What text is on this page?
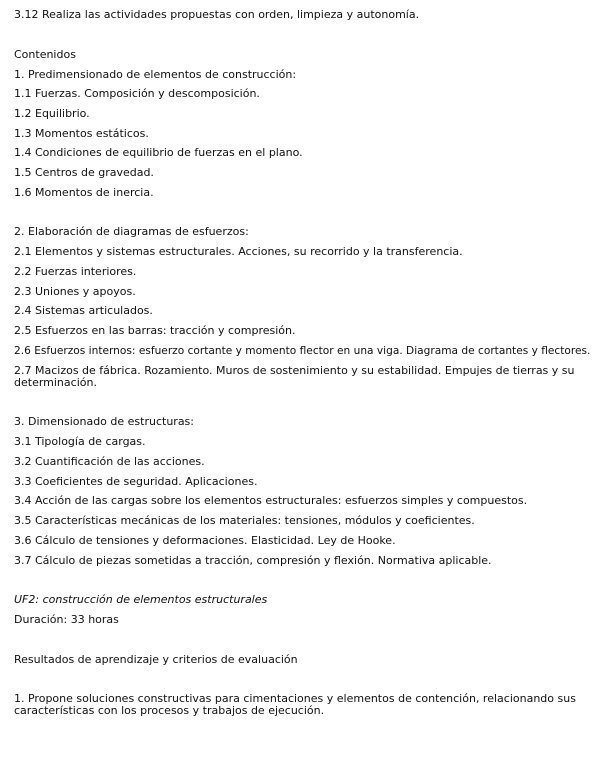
3.12 Realiza las actividades propuestas con orden, limpieza y autonomía.
Contenidos
1. Predimensionado de elementos de construcción:
1.1 Fuerzas. Composición y descomposición.
1.2 Equilibrio.
1.3 Momentos estáticos.
1.4 Condiciones de equilibrio de fuerzas en el plano.
1.5 Centros de gravedad.
1.6 Momentos de inercia.
2. Elaboración de diagramas de esfuerzos:
2.1 Elementos y sistemas estructurales. Acciones, su recorrido y la transferencia.
2.2 Fuerzas interiores.
2.3 Uniones y apoyos.
2.4 Sistemas articulados.
2.5 Esfuerzos en las barras: tracción y compresión.
2.6 Esfuerzos internos: esfuerzo cortante y momento flector en una viga. Diagrama de cortantes y flectores.
2.7 Macizos de fábrica. Rozamiento. Muros de sostenimiento y su estabilidad. Empujes de tierras y su determinación.
3. Dimensionado de estructuras:
3.1 Tipología de cargas.
3.2 Cuantificación de las acciones.
3.3 Coeficientes de seguridad. Aplicaciones.
3.4 Acción de las cargas sobre los elementos estructurales: esfuerzos simples y compuestos.
3.5 Características mecánicas de los materiales: tensiones, módulos y coeficientes.
3.6 Cálculo de tensiones y deformaciones. Elasticidad. Ley de Hooke.
3.7 Cálculo de piezas sometidas a tracción, compresión y flexión. Normativa aplicable.
UF2: construcción de elementos estructurales
Duración: 33 horas
Resultados de aprendizaje y criterios de evaluación
1. Propone soluciones constructivas para cimentaciones y elementos de contención, relacionando sus características con los procesos y trabajos de ejecución.
